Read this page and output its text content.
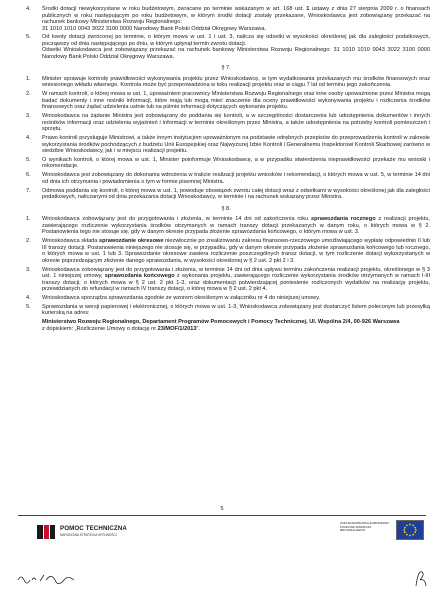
4.	Środki dotacji niewykorzystane w roku budżetowym, zwracane po terminie wskazanym w art. 168 ust. 1 ustawy z dnia 27 sierpnia 2009 r. o finansach publicznych w roku następującym po roku budżetowym, w którym środki dotacji zostały przekazane, Wnioskodawca jest zobowiązany przekazać na rachunek bankowy Ministerstwa Rozwoju Regionalnego:
31 1010 1010 0043 3022 3100 0000 Narodowy Bank Polski Oddział Okręgowy Warszawa.
5.	Od kwoty dotacji zwróconej po terminie, o którym mowa w ust. 1 i ust. 3, nalicza się odsetki w wysokości określonej jak dla zaległości podatkowych, począwszy od dnia następującego po dniu, w którym upłynął termin zwrotu dotacji.
Odsetki Wnioskodawca jest zobowiązany przekazać na rachunek bankowy Ministerstwa Rozwoju Regionalnego: 31 1010 1010 0043 3022 3100 0000 Narodowy Bank Polski Oddział Okręgowy Warszawa.
§ 7.
1.	Minister sprawuje kontrolę prawidłowości wykonywania projektu przez Wnioskodawcę, w tym wydatkowania przekazanych mu środków finansowych oraz wniesionego wkładu własnego. Kontrola może być przeprowadzona w toku realizacji projektu oraz w ciągu 7 lat od terminu jego zakończenia.
2.	W ramach kontroli, o której mowa w ust. 1, upoważnieni pracownicy Ministerstwa Rozwoju Regionalnego oraz inne osoby upoważnione przez Ministra mogą badać dokumenty i inne nośniki informacji, które mają lub mogą mieć znaczenie dla oceny prawidłowości wykonywania projektu i rozliczenia środków finansowych oraz żądać udzielenia ustnie lub na piśmie informacji dotyczących wykonania projektu.
3.	Wnioskodawca na żądanie Ministra jest zobowiązany do poddania się kontroli, a w szczególności dostarczenia lub udostępnienia dokumentów i innych nośników informacji oraz udzielenia wyjaśnień i informacji w terminie określonym przez Ministra, a także udostępnienia na potrzeby kontroli pomieszczeń i sprzętu.
4.	Prawo kontroli przysługuje Ministrowi, a także innym instytucjom upoważnionym na podstawie odrębnych przepisów do przeprowadzenia kontroli w zakresie wykorzystania środków pochodzących z budżetu Unii Europejskiej oraz Najwyższej Izbie Kontroli i Generalnemu Inspektorowi Kontroli Skarbowej zarówno w siedzibie Wnioskodawcy, jak i w miejscu realizacji projektu.
5.	O wynikach kontroli, o której mowa w ust. 1, Minister poinformuje Wnioskodawcę, a w przypadku stwierdzenia nieprawidłowości przekaże mu wnioski i rekomendacje.
6.	Wnioskodawca jest zobowiązany do dokonania wdrożenia w trakcie realizacji projektu wniosków i rekomendacji, o których mowa w ust. 5, w terminie 14 dni od dnia ich otrzymania i powiadomienia o tym w formie pisemnej Ministra.
7.	Odmowa poddania się kontroli, o której mowa w ust. 1, powoduje obowiązek zwrotu całej dotacji wraz z odsetkami w wysokości określonej jak dla zaległości podatkowych, naliczanymi od dnia przekazania dotacji Wnioskodawcy, w terminie i na rachunek wskazany przez Ministra.
§ 8.
1.	Wnioskodawca zobowiązany jest do przygotowania i złożenia, w terminie 14 dni od zakończenia roku sprawozdania rocznego z realizacji projektu, zawierającego rozliczenie wykorzystania środków otrzymanych w ramach transzy dotacji przekazanych w danym roku, o których mowa w § 2. Postanowienia tego nie stosuje się, gdy w danym okresie przypada złożenie sprawozdania końcowego, o którym mowa w ust. 3.
2.	Wnioskodawca składa sprawozdanie okresowe niezwłocznie po zrealizowaniu zakresu finansowo-rzeczowego umożliwiającego wypłatę odpowiednio II lub III transzy dotacji. Postanowienia niniejszego nie stosuje się, w przypadku, gdy w danym okresie przypada złożenie sprawozdania końcowego lub rocznego, o których mowa w ust. 1 lub 3. Sprawozdanie okresowe zawiera rozliczenie poszczególnych transz dotacji, w tym rozliczenie dotacji wykorzystanych w okresie poprzedzającym złożenie danego sprawozdania, w wysokości określonej w § 2 ust. 2 pkt 2 i 3.
3.	Wnioskodawca zobowiązany jest do przygotowania i złożenia, w terminie 14 dni od dnia upływu terminu zakończenia realizacji projektu, określonego w § 3 ust. 1 niniejszej umowy, sprawozdania końcowego z wykonania projektu, zawierającego rozliczenie wykorzystania środków otrzymanych w ramach I-III transzy dotacji, o których mowa w § 2 ust. 2 pkt 1-3, oraz dokumentacji potwierdzającej poniesienie rozliczonych wydatków na realizację projektu, przewidzianych do refundacji w ramach IV transzy dotacji, o której mowa w § 2 ust. 2 pkt 4.
4.	Wnioskodawca sporządza sprawozdania zgodnie ze wzorem określonym w załączniku nr 4 do niniejszej umowy.
5.	Sprawozdania w wersji papierowej i elektronicznej, o których mowa w ust. 1-3, Wnioskodawca zobowiązany jest dostarczyć listem poleconym lub przesyłką kurierską na adres:
Ministerstwo Rozwoju Regionalnego, Departament Programów Pomocowych i Pomocy Technicznej, Ul. Wspólna 2/4, 00-926 Warszawa
z dopiskiem: „Rozliczenie Umowy o dotację nr 23/MOF/1/2013".
5
POMOC TECHNICZNA
NARODOWA STRATEGIA SPÓJNOŚCI
UNIA EUROPEJSKA EUROPEJSKI FUNDUSZ ROZWOJU REGIONALNEGO
